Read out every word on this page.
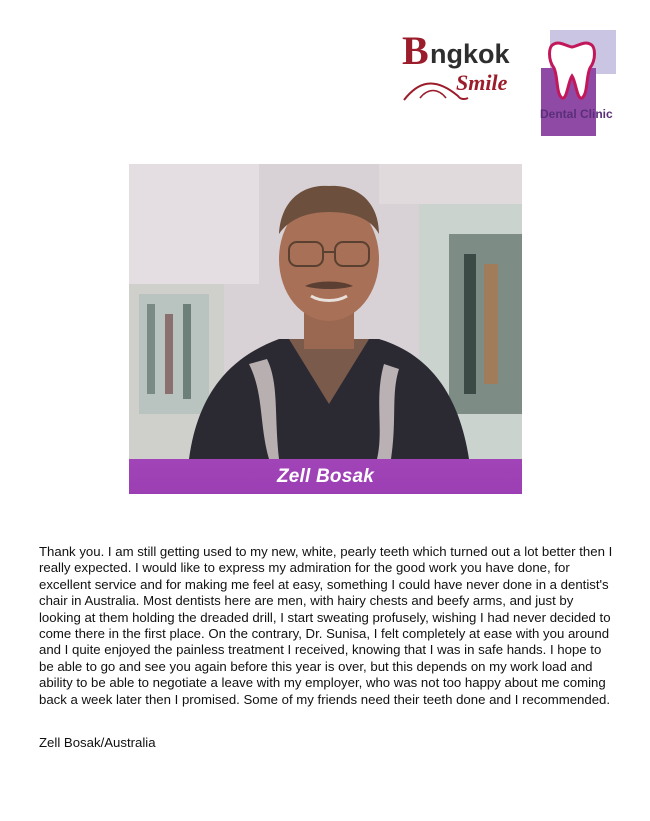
B ngkok
Smile
Dental Clinic
Zell Bosak

Thank you. I am still getting used to my new, white, pearly teeth which turned out a lot better then I really expected. I would like to express my admiration for the good work you have done, for excellent service and for making me feel at easy, something I could have never done in a dentist's chair in Australia. Most dentists here are men, with hairy chests and beefy arms, and just by looking at them holding the dreaded drill, I start sweating profusely, wishing I had never decided to come there in the first place. On the contrary, Dr. Sunisa, I felt completely at ease with you around and I quite enjoyed the painless treatment I received, knowing that I was in safe hands. I hope to be able to go and see you again before this year is over, but this depends on my work load and ability to be able to negotiate a leave with my employer, who was not too happy about me coming back a week later then I promised. Some of my friends need their teeth done and I recommended.

Zell Bosak/Australia
